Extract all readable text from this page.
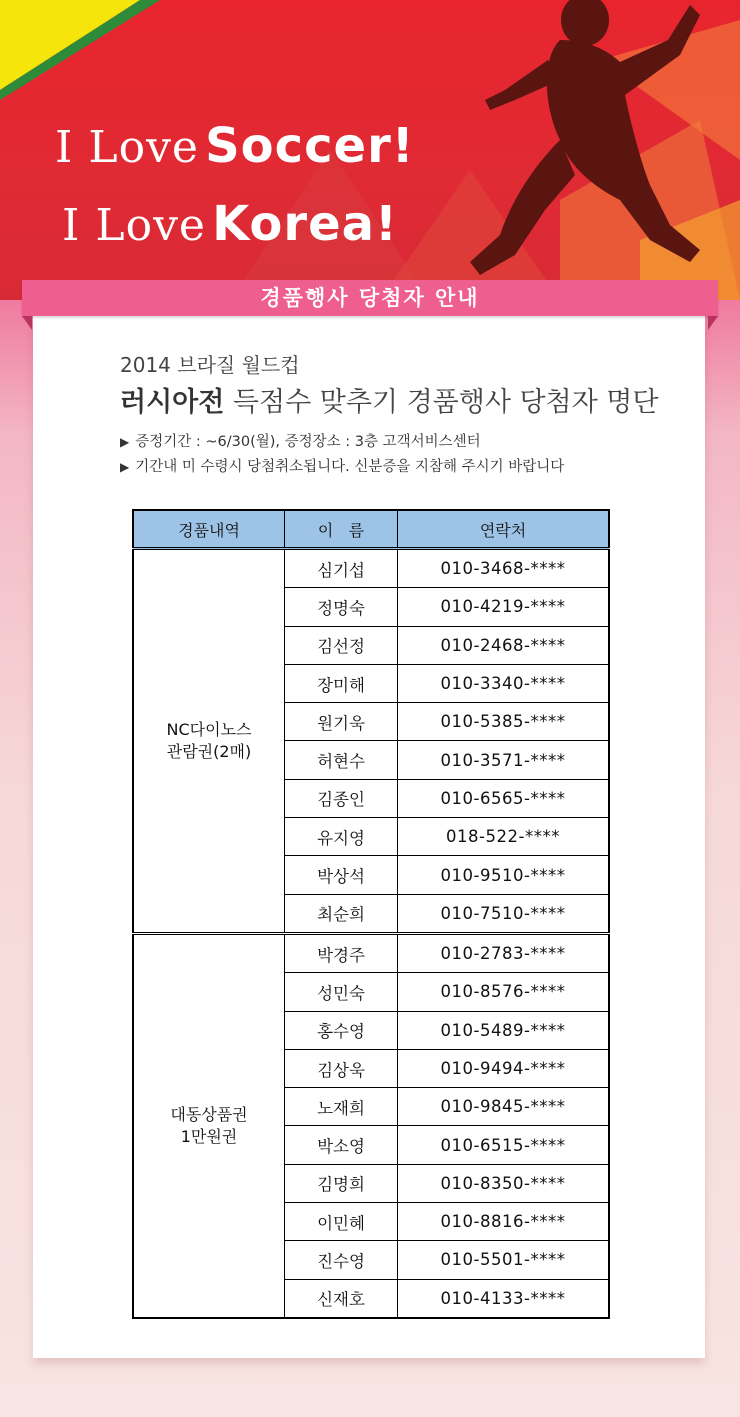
I Love Soccer!
I Love Korea!
경품행사 당첨자 안내
2014 브라질 월드컵
러시아전 득점수 맞추기 경품행사 당첨자 명단
▶ 증정기간 : ~6/30(월), 증정장소 : 3층 고객서비스센터
▶ 기간내 미 수령시 당첨취소됩니다. 신분증을 지참해 주시기 바랍니다
경품내역	이   름	연락처

NC다이노스
관람권(2매)	심기섭	010-3468-****
	정명숙	010-4219-****
	김선정	010-2468-****
	장미해	010-3340-****
	원기욱	010-5385-****
	허현수	010-3571-****
	김종인	010-6565-****
	유지영	018-522-****
	박상석	010-9510-****
	최순희	010-7510-****

대동상품권
1만원권	박경주	010-2783-****
	성민숙	010-8576-****
	홍수영	010-5489-****
	김상욱	010-9494-****
	노재희	010-9845-****
	박소영	010-6515-****
	김명희	010-8350-****
	이민혜	010-8816-****
	진수영	010-5501-****
	신재호	010-4133-****
